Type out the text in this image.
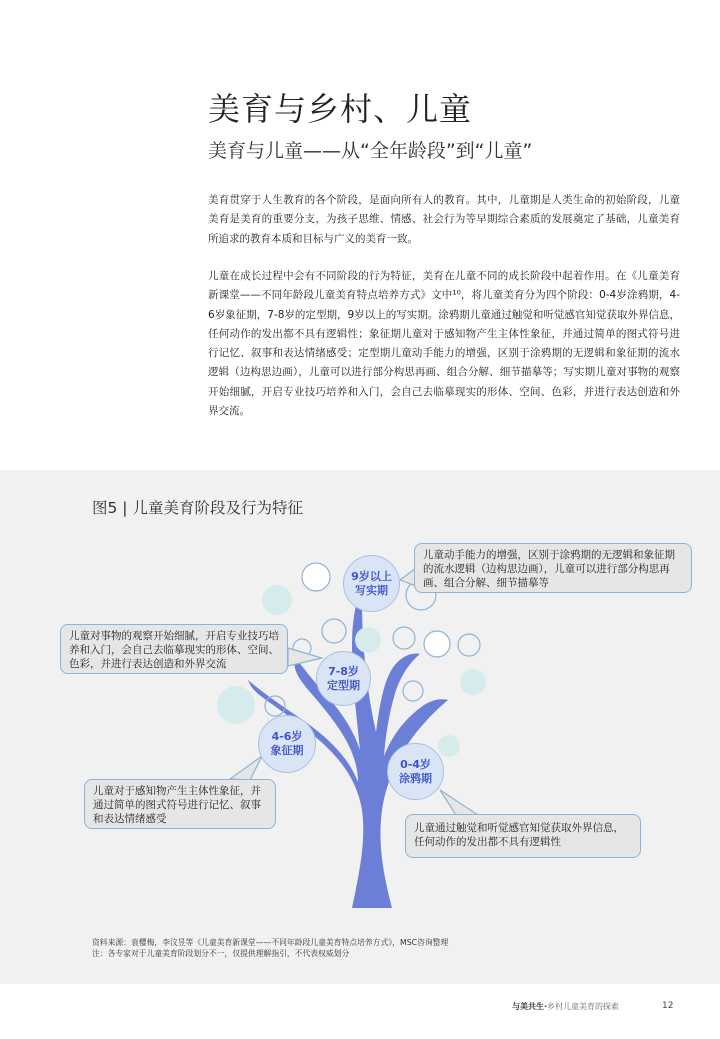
美育与乡村、儿童
美育与儿童——从“全年龄段”到“儿童”
美育贯穿于人生教育的各个阶段，是面向所有人的教育。其中，儿童期是人类生命的初始阶段，儿童美育是美育的重要分支，为孩子思维、情感、社会行为等早期综合素质的发展奠定了基础，儿童美育所追求的教育本质和目标与广义的美育一致。
儿童在成长过程中会有不同阶段的行为特征，美育在儿童不同的成长阶段中起着作用。在《儿童美育新课堂——不同年龄段儿童美育特点培养方式》文中¹⁰，将儿童美育分为四个阶段：0-4岁涂鸦期，4-6岁象征期，7-8岁的定型期，9岁以上的写实期。涂鸦期儿童通过触觉和听觉感官知觉获取外界信息，任何动作的发出都不具有逻辑性；象征期儿童对于感知物产生主体性象征，并通过简单的图式符号进行记忆、叙事和表达情绪感受；定型期儿童动手能力的增强，区别于涂鸦期的无逻辑和象征期的流水逻辑（边构思边画），儿童可以进行部分构思再画、组合分解、细节描摹等；写实期儿童对事物的观察开始细腻，开启专业技巧培养和入门，会自己去临摹现实的形体、空间、色彩，并进行表达创造和外界交流。
图5 | 儿童美育阶段及行为特征
9岁以上
写实期
7-8岁
定型期
4-6岁
象征期
0-4岁
涂鸦期
儿童动手能力的增强，区别于涂鸦期的无逻辑和象征期的流水逻辑（边构思边画），儿童可以进行部分构思再画、组合分解、细节描摹等
儿童对事物的观察开始细腻，开启专业技巧培养和入门，会自己去临摹现实的形体、空间、色彩，并进行表达创造和外界交流
儿童对于感知物产生主体性象征，并通过简单的图式符号进行记忆、叙事和表达情绪感受
儿童通过触觉和听觉感官知觉获取外界信息，任何动作的发出都不具有逻辑性
资料来源：袁樱梅，李汶昱等《儿童美育新课堂——不同年龄段儿童美育特点培养方式》，MSC咨询整理
注：各专家对于儿童美育阶段划分不一，仅提供理解指引，不代表权威划分
与美共生·乡村儿童美育的探索	12
